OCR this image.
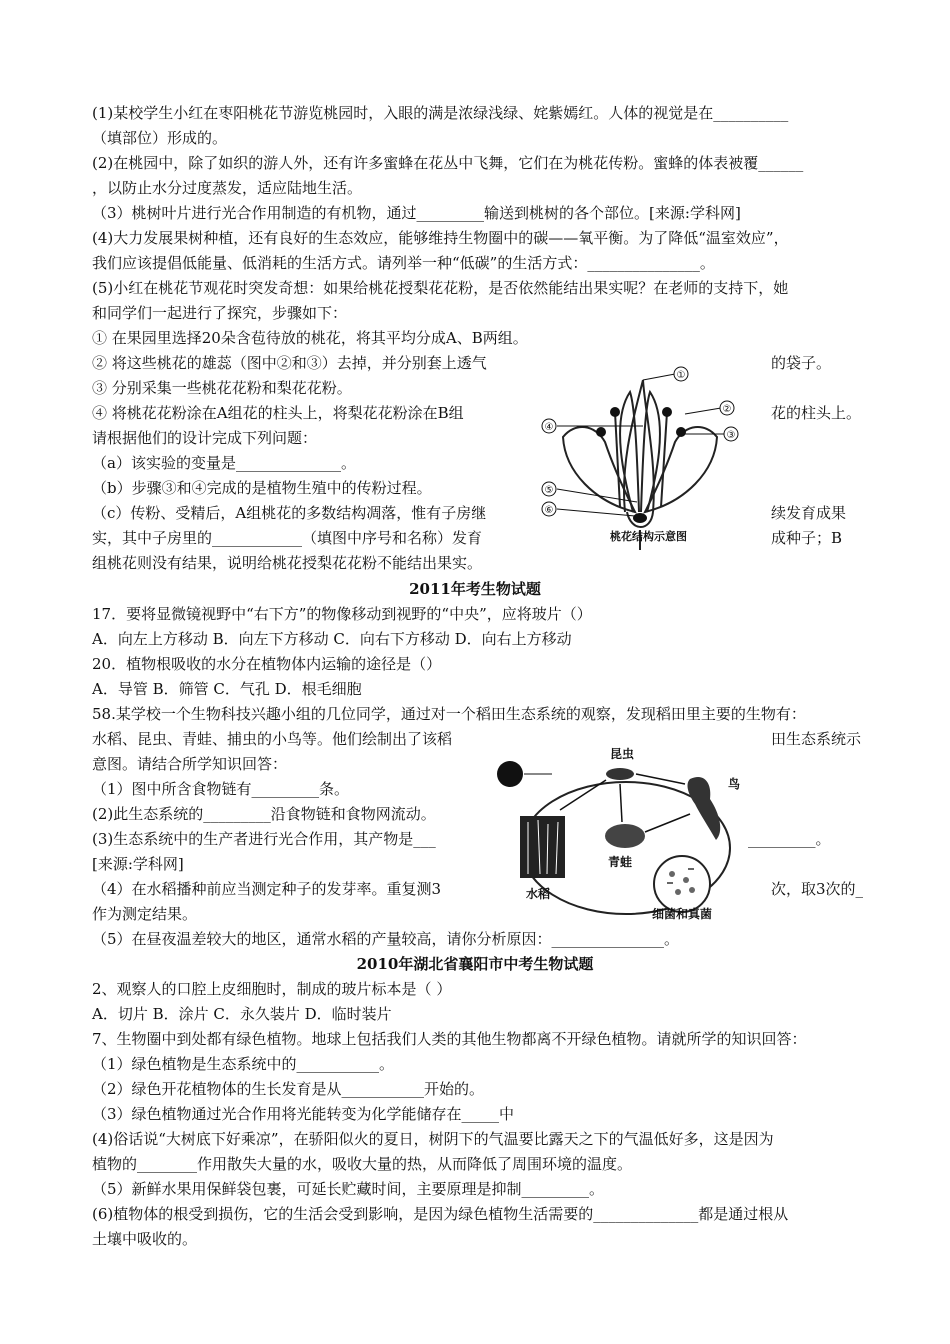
(1)某校学生小红在枣阳桃花节游览桃园时，入眼的满是浓绿浅绿、姹紫嫣红。人体的视觉是在__________
（填部位）形成的。
(2)在桃园中，除了如织的游人外，还有许多蜜蜂在花丛中飞舞，它们在为桃花传粉。蜜蜂的体表被覆______
，以防止水分过度蒸发，适应陆地生活。
（3）桃树叶片进行光合作用制造的有机物，通过_________输送到桃树的各个部位。[来源:学科网]
(4)大力发展果树种植，还有良好的生态效应，能够维持生物圈中的碳——氧平衡。为了降低“温室效应”，
我们应该提倡低能量、低消耗的生活方式。请列举一种“低碳”的生活方式：_______________。
(5)小红在桃花节观花时突发奇想：如果给桃花授梨花花粉，是否依然能结出果实呢？在老师的支持下，她
和同学们一起进行了探究，步骤如下：
① 在果园里选择20朵含苞待放的桃花，将其平均分成A、B两组。
② 将这些桃花的雄蕊（图中②和③）去掉，并分别套上透气	的袋子。
③ 分别采集一些桃花花粉和梨花花粉。
④ 将桃花花粉涂在A组花的柱头上，将梨花花粉涂在B组	花的柱头上。
请根据他们的设计完成下列问题：
（a）该实验的变量是______________。
（b）步骤③和④完成的是植物生殖中的传粉过程。
（c）传粉、受精后，A组桃花的多数结构凋落，惟有子房继	续发育成果
实，其中子房里的____________（填图中序号和名称）发育	成种子；B
组桃花则没有结果，说明给桃花授梨花花粉不能结出果实。
①
②
③
④
⑤
⑥
桃花结构示意图
2011年考生物试题
17．要将显微镜视野中“右下方”的物像移动到视野的“中央”，应将玻片（）
A．向左上方移动 B．向左下方移动 C．向右下方移动 D．向右上方移动
20．植物根吸收的水分在植物体内运输的途径是（）
A．导管 B．筛管 C．气孔 D．根毛细胞
58.某学校一个生物科技兴趣小组的几位同学，通过对一个稻田生态系统的观察，发现稻田里主要的生物有：
水稻、昆虫、青蛙、捕虫的小鸟等。他们绘制出了该稻	田生态系统示
意图。请结合所学知识回答：
（1）图中所含食物链有_________条。
(2)此生态系统的_________沿食物链和食物网流动。
(3)生态系统中的生产者进行光合作用，其产物是___	_________。
[来源:学科网]
（4）在水稻播种前应当测定种子的发芽率。重复测3	次，取3次的_
作为测定结果。
（5）在昼夜温差较大的地区，通常水稻的产量较高，请你分析原因：_______________。
昆虫
鸟
水稻
青蛙
细菌和真菌
2010年湖北省襄阳市中考生物试题
2、观察人的口腔上皮细胞时，制成的玻片标本是（ ）
A．切片 B．涂片 C．永久装片 D．临时装片
7、生物圈中到处都有绿色植物。地球上包括我们人类的其他生物都离不开绿色植物。请就所学的知识回答：
（1）绿色植物是生态系统中的___________。
（2）绿色开花植物体的生长发育是从___________开始的。
（3）绿色植物通过光合作用将光能转变为化学能储存在_____中
(4)俗话说“大树底下好乘凉”，在骄阳似火的夏日，树阴下的气温要比露天之下的气温低好多，这是因为
植物的________作用散失大量的水，吸收大量的热，从而降低了周围环境的温度。
（5）新鲜水果用保鲜袋包裹，可延长贮藏时间，主要原理是抑制_________。
(6)植物体的根受到损伤，它的生活会受到影响，是因为绿色植物生活需要的______________都是通过根从
土壤中吸收的。
